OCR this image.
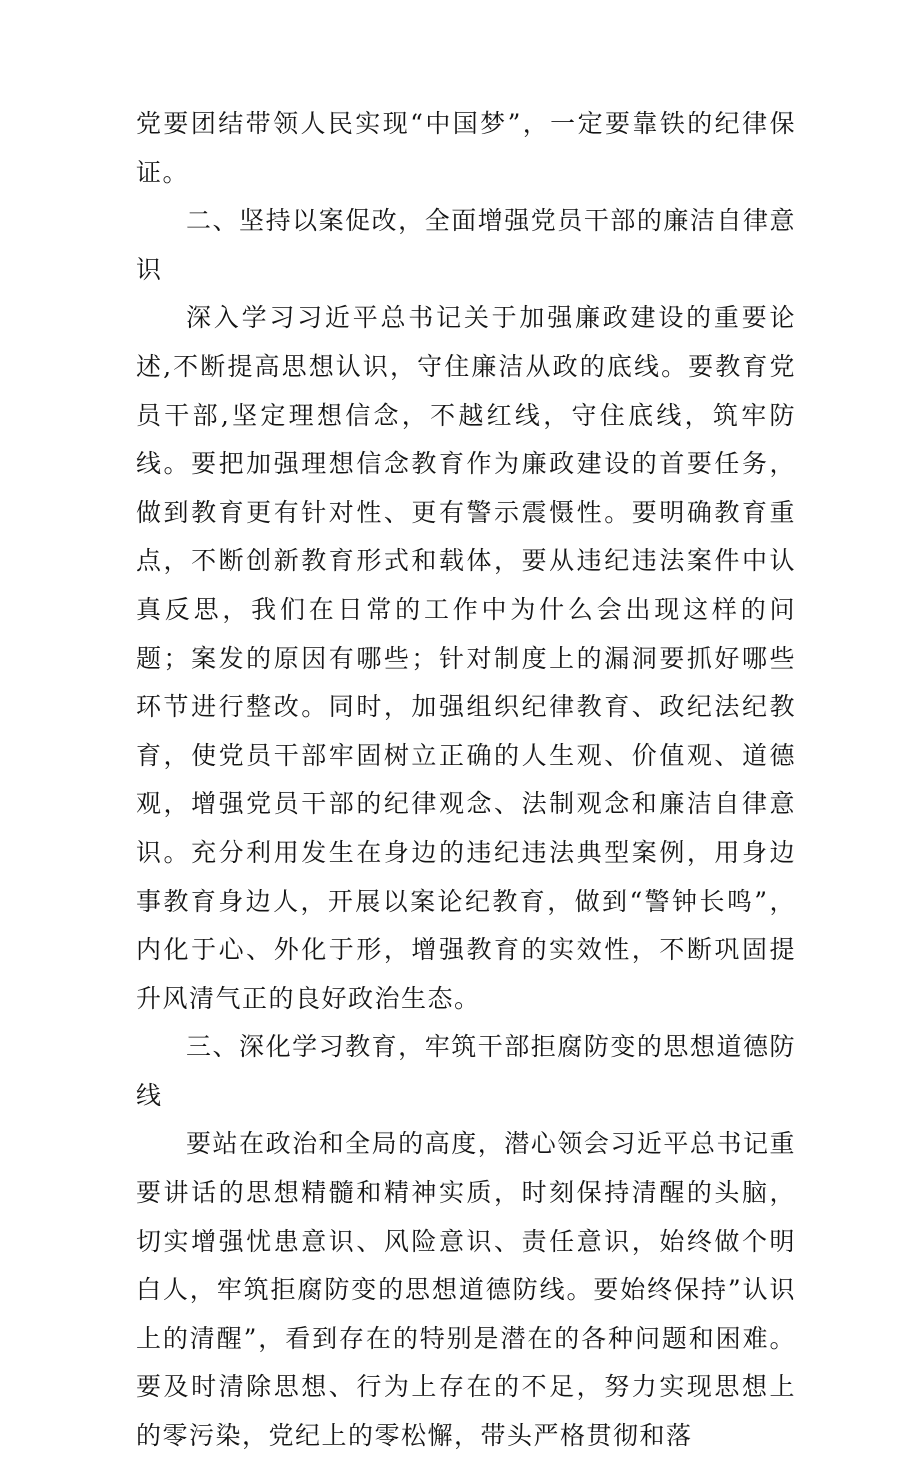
党要团结带领人民实现“中国梦”，一定要靠铁的纪律保证。

二、坚持以案促改，全面增强党员干部的廉洁自律意识

深入学习习近平总书记关于加强廉政建设的重要论述,不断提高思想认识，守住廉洁从政的底线。要教育党员干部,坚定理想信念，不越红线，守住底线，筑牢防线。要把加强理想信念教育作为廉政建设的首要任务，做到教育更有针对性、更有警示震慑性。要明确教育重点，不断创新教育形式和载体，要从违纪违法案件中认真反思，我们在日常的工作中为什么会出现这样的问题；案发的原因有哪些；针对制度上的漏洞要抓好哪些环节进行整改。同时，加强组织纪律教育、政纪法纪教育，使党员干部牢固树立正确的人生观、价值观、道德观，增强党员干部的纪律观念、法制观念和廉洁自律意识。充分利用发生在身边的违纪违法典型案例，用身边事教育身边人，开展以案论纪教育，做到“警钟长鸣”，内化于心、外化于形，增强教育的实效性，不断巩固提升风清气正的良好政治生态。

三、深化学习教育，牢筑干部拒腐防变的思想道德防线

要站在政治和全局的高度，潜心领会习近平总书记重要讲话的思想精髓和精神实质，时刻保持清醒的头脑，切实增强忧患意识、风险意识、责任意识，始终做个明白人，牢筑拒腐防变的思想道德防线。要始终保持”认识上的清醒”，看到存在的特别是潜在的各种问题和困难。要及时清除思想、行为上存在的不足，努力实现思想上的零污染，党纪上的零松懈，带头严格贯彻和落
